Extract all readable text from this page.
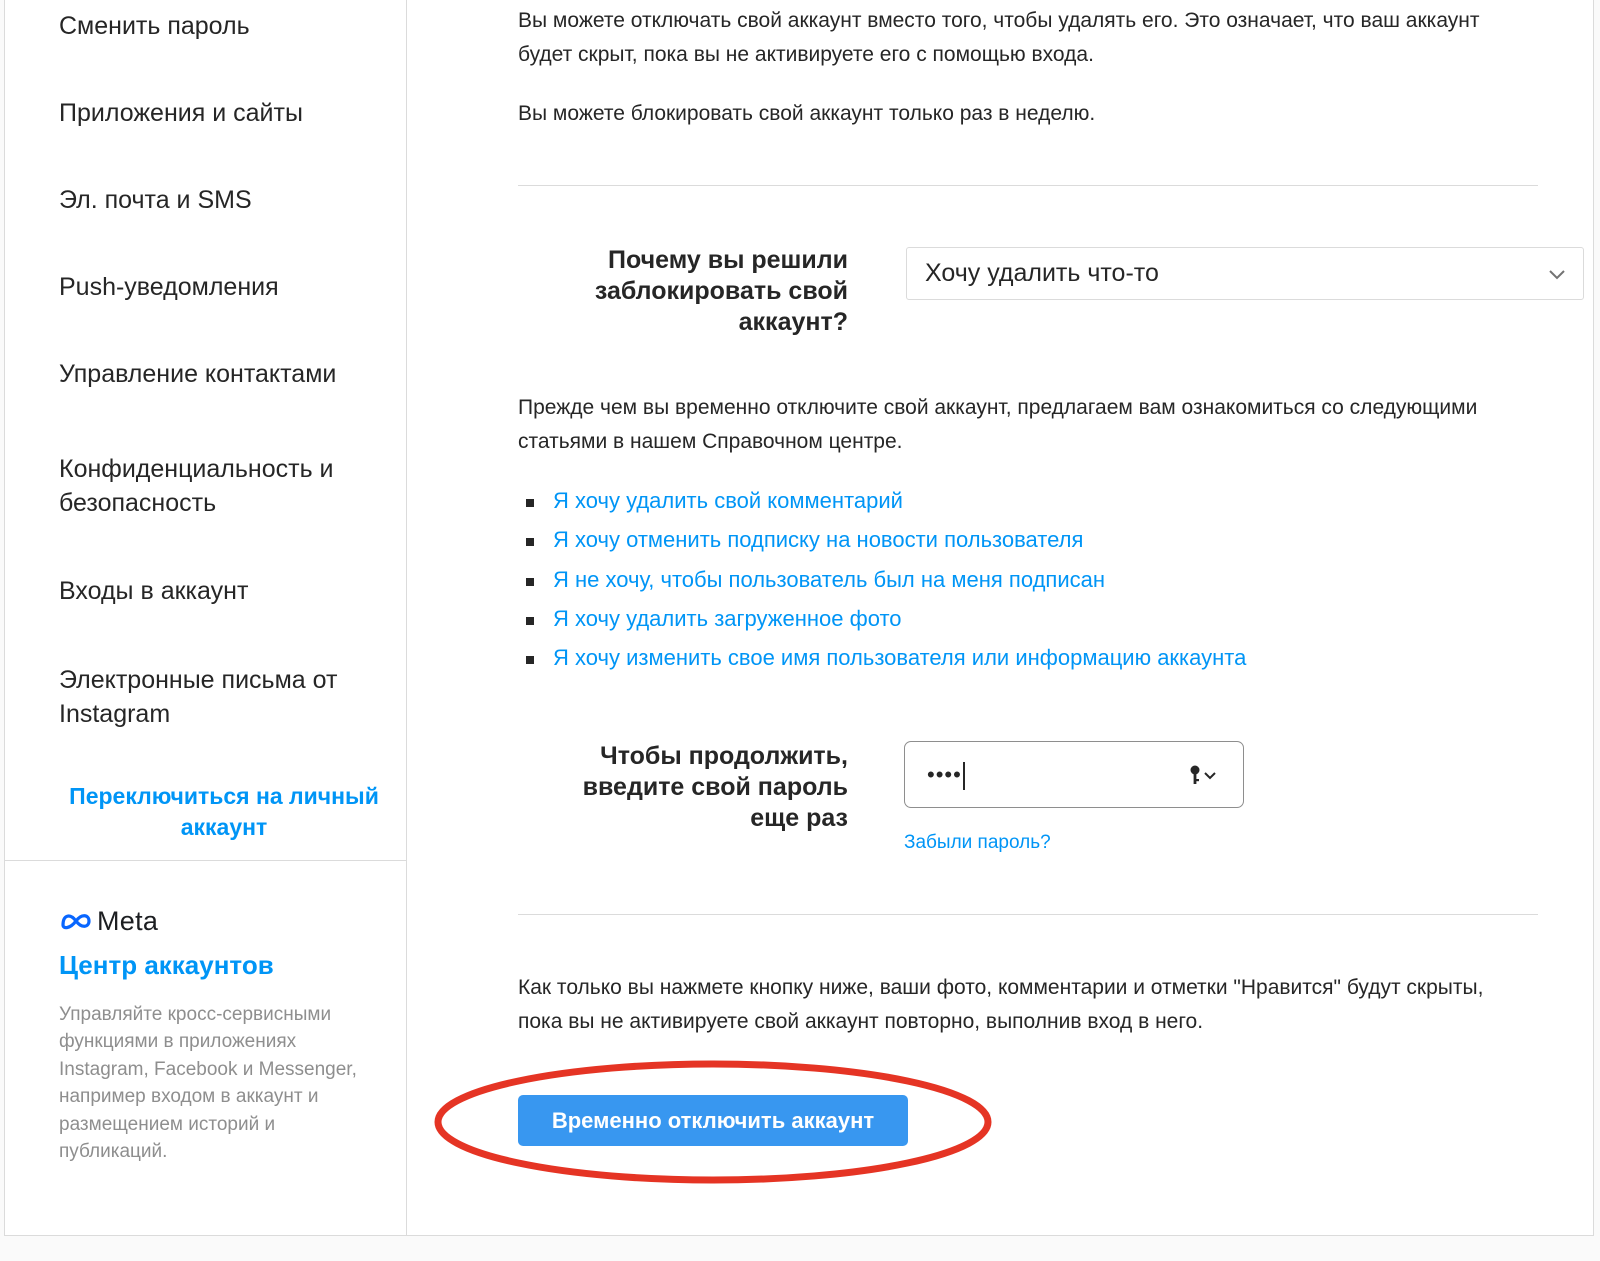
Сменить пароль
Приложения и сайты
Эл. почта и SMS
Push-уведомления
Управление контактами
Конфиденциальность и безопасность
Входы в аккаунт
Электронные письма от Instagram
Переключиться на личный аккаунт
Meta
Центр аккаунтов
Управляйте кросс-сервисными функциями в приложениях Instagram, Facebook и Messenger, например входом в аккаунт и размещением историй и публикаций.
Вы можете отключать свой аккаунт вместо того, чтобы удалять его. Это означает, что ваш аккаунт будет скрыт, пока вы не активируете его с помощью входа.
Вы можете блокировать свой аккаунт только раз в неделю.
Почему вы решили заблокировать свой аккаунт?
Хочу удалить что-то
Прежде чем вы временно отключите свой аккаунт, предлагаем вам ознакомиться со следующими статьями в нашем Справочном центре.
Я хочу удалить свой комментарий
Я хочу отменить подписку на новости пользователя
Я не хочу, чтобы пользователь был на меня подписан
Я хочу удалить загруженное фото
Я хочу изменить свое имя пользователя или информацию аккаунта
Чтобы продолжить, введите свой пароль еще раз
••••
Забыли пароль?
Как только вы нажмете кнопку ниже, ваши фото, комментарии и отметки "Нравится" будут скрыты, пока вы не активируете свой аккаунт повторно, выполнив вход в него.
Временно отключить аккаунт
